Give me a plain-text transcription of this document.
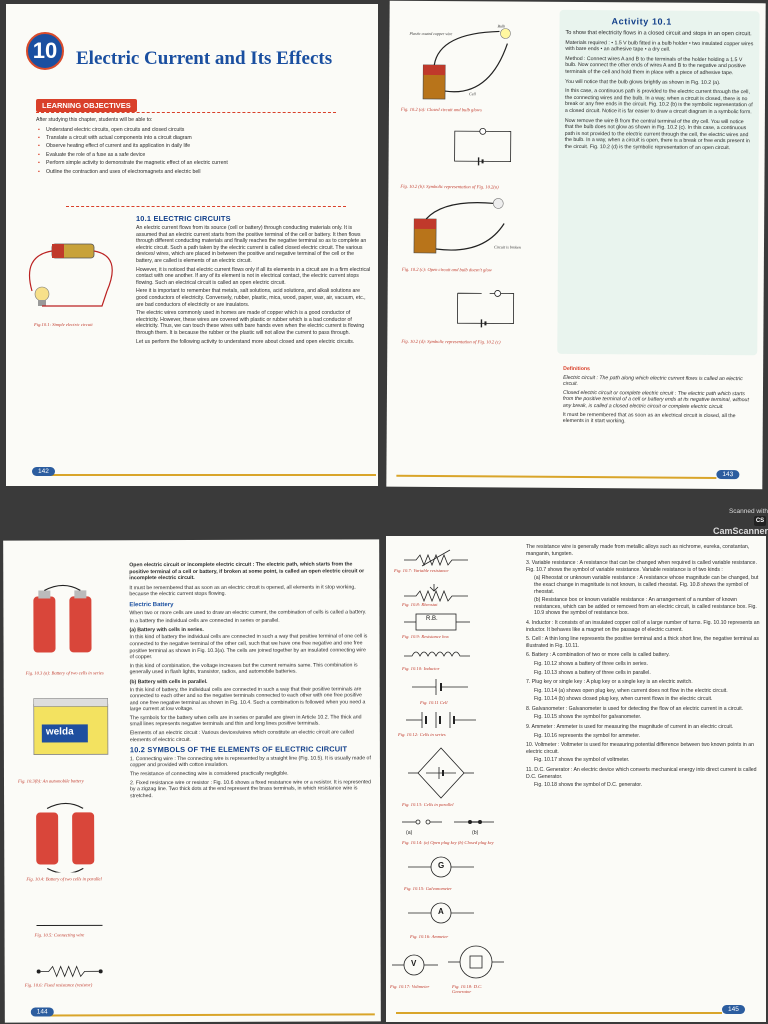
10 Electric Current and Its Effects
LEARNING OBJECTIVES
After studying this chapter, students will be able to:
▪ Understand electric circuits, open circuits and closed circuits
▪ Translate a circuit with actual components into a circuit diagram
▪ Observe heating effect of current and its application in daily life
▪ Evaluate the role of a fuse as a safe device
▪ Perform simple activity to demonstrate the magnetic effect of an electric current
▪ Outline the contraction and uses of electromagnets and electric bell
Fig.10.1: Simple electric circuit
10.1 ELECTRIC CIRCUITS

An electric current flows from its source (cell or battery) through conducting materials only. It is assumed that an electric current starts from the positive terminal of the cell or battery. It then flows through different conducting materials and finally reaches the negative terminal so as to complete an electric circuit. Such a path taken by the electric current is called closed electric circuit. The various devices/ wires, which are placed in between the positive and negative terminal of the cell or the battery, are called is elements of an electric circuit.

However, it is noticed that electric current flows only if all its elements in a circuit are in a firm electrical contact with one another. If any of its element is not in electrical contact, the electric current stops flowing. Such an electrical circuit is called an open electric circuit.

Here it is important to remember that metals, salt solutions, acid solutions, and alkali solutions are good conductors of electricity. Conversely, rubber, plastic, mica, wood, paper, wax, air, vacuum, etc., are bad conductors of electricity or are insulators.

The electric wires commonly used in homes are made of copper which is a good conductor of electricity. However, these wires are covered with plastic or rubber which is a bad conductor of electricity. Thus, we can touch these wires with bare hands even when the electric current is flowing through them. It is because the rubber or the plastic will not allow the current to pass through.

Let us perform the following activity to understand more about closed and open electric circuits.

142
Activity 10.1
Plastic coated copper wire
Bulb
Cell
Fig. 10.2 (a): Closed circuit and bulb glows
Fig. 10.2 (b): Symbolic representation of Fig. 10.2(a)
Circuit is broken
Fig. 10.2 (c): Open circuit and bulb doesn't glow
Fig. 10.2 (d): Symbolic representation of Fig. 10.2 (c)

To show that electricity flows in a closed circuit and stops in an open circuit.

Materials required : • 1.5 V bulb fitted in a bulb holder • two insulated copper wires with bare ends • an adhesive tape • a dry cell.

Method : Connect wires A and B to the terminals of the holder holding a 1.5 V bulb. Now connect the other ends of wires A and B to the negative and positive terminals of the cell and hold them in place with a piece of adhesive tape.

You will notice that the bulb glows brightly as shown in Fig. 10.2 (a).

In this case, a continuous path is provided to the electric current through the cell, the connecting wires and the bulb. In a way, when a circuit is closed, there is no break or any free ends in the circuit. Fig. 10.2 (b) is the symbolic representation of a closed circuit. Notice it is far easier to draw a circuit diagram in a symbolic form.

Now remove the wire B from the central terminal of the dry cell. You will notice that the bulb does not glow as shown in Fig. 10.2 (c). In this case, a continuous path is not provided to the electric current through the cell, the electric wires and the bulb. In a way, when a circuit is open, there is a break or free ends present in the circuit. Fig. 10.2 (d) is the symbolic representation of an open circuit.

Definitions

Electric circuit : The path along which electric current flows is called an electric circuit.

Closed electric circuit or complete electric circuit : The electric path which starts from the positive terminal of a cell or battery ends at its negative terminal, without any break, is called a closed electric circuit or complete electric circuit.

It must be remembered that as soon as an electrical circuit is closed, all the elements in it start working.

143
Scanned with
CSCamScanner
Fig. 10.3 (a): Battery of two cells in series
welda
Fig. 10.3(b): An automobile battery
Fig. 10.4: Battery of two cells in parallel
Fig. 10.5: Connecting wire
Fig. 10.6: Fixed resistance (resistor)

Open electric circuit or incomplete electric circuit : The electric path, which starts from the positive terminal of a cell or battery, if broken at some point, is called an open electric circuit or incomplete electric circuit.

It must be remembered that as soon as an electric circuit is opened, all elements in it stop working, because the electric current stops flowing.

Electric Battery

When two or more cells are used to draw an electric current, the combination of cells is called a battery.

In a battery the individual cells are connected in series or parallel.

(a) Battery with cells in series.

In this kind of battery the individual cells are connected in such a way that positive terminal of one cell is connected to the negative terminal of the other cell, such that we have one free negative and one free positive terminal as shown in Fig. 10.3(a). The cells are joined together by an insulated connecting wire of copper.

In this kind of combination, the voltage increases but the current remains same. This combination is generally used in flash lights, transistor, radios, and automobile batteries.

(b) Battery with cells in parallel.

In this kind of battery, the individual cells are connected in such a way that their positive terminals are connected to each other and so the negative terminals connected to each other with one free positive and one free negative terminal as shown in Fig. 10.4. Such a combination is followed when you need a large current at low voltage.

The symbols for the battery when cells are in series or parallel are given in Article 10.2. The thick and small lines represents negative terminals and thin and long lines positive terminals.

Elements of an electric circuit : Various devices/wires which constitute an electric circuit are called elements of electric circuit.

10.2 SYMBOLS OF THE ELEMENTS OF ELECTRIC CIRCUIT

1. Connecting wire : The connecting wire is represented by a straight line (Fig. 10.5). It is usually made of copper and provided with cotton insulation.

The resistance of connecting wire is considered practically negligible.

2. Fixed resistance wire or resistor : Fig. 10.6 shows a fixed resistance wire or a resistor. It is represented by a zigzag line. Two thick dots at the end represent the brass terminals, in which resistance wire is stretched.

144
Fig. 10.7: Variable resistance
Fig. 10.8: Rheostat
R.B.
Fig. 10.9: Resistance box
Fig. 10.10: Inductor
Fig. 10.11 Cell
Fig. 10.12: Cells in series
Fig. 10.13: Cells in parallel
(a)	(b)
Fig. 10.14: (a) Open plug key (b) Closed plug key
G
Fig. 10.15: Galvanometer
A
Fig. 10.16: Ammeter
V
Fig. 10.17: Voltmeter	Fig. 10.18: D.C. Generator

The resistance wire is generally made from metallic alloys such as nichrome, eureka, constantan, manganin, tungsten.

3. Variable resistance : A resistance that can be changed when required is called variable resistance. Fig. 10.7 shows the symbol of variable resistance. Variable resistance is of two kinds :

(a) Rheostat or unknown variable resistance : A resistance whose magnitude can be changed, but the exact change in magnitude is not known, is called rheostat. Fig. 10.8 shows the symbol of rheostat.

(b) Resistance box or known variable resistance : An arrangement of a number of known resistances, which can be added or removed from an electric circuit, is called resistance box. Fig. 10.9 shows the symbol of resistance box.

4. Inductor : It consists of an insulated copper coil of a large number of turns. Fig. 10.10 represents an inductor. It behaves like a magnet on the passage of electric current.

5. Cell : A thin long line represents the positive terminal and a thick short line, the negative terminal as illustrated in Fig. 10.11.

6. Battery : A combination of two or more cells is called battery.

Fig. 10.12 shows a battery of three cells in series.

Fig. 10.13 shows a battery of three cells in parallel.

7. Plug key or single key : A plug key or a single key is an electric switch.

Fig. 10.14 (a) shows open plug key, when current does not flow in the electric circuit.

Fig. 10.14 (b) shows closed plug key, when current flows in the electric circuit.

8. Galvanometer : Galvanometer is used for detecting the flow of an electric current in a circuit.

Fig. 10.15 shows the symbol for galvanometer.

9. Ammeter : Ammeter is used for measuring the magnitude of current in an electric circuit.

Fig. 10.16 represents the symbol for ammeter.

10. Voltmeter : Voltmeter is used for measuring potential difference between two known points in an electric circuit.

Fig. 10.17 shows the symbol of voltmeter.

11. D.C. Generator : An electric device which converts mechanical energy into direct current is called D.C. Generator.

Fig. 10.18 shows the symbol of D.C. generator.

145
